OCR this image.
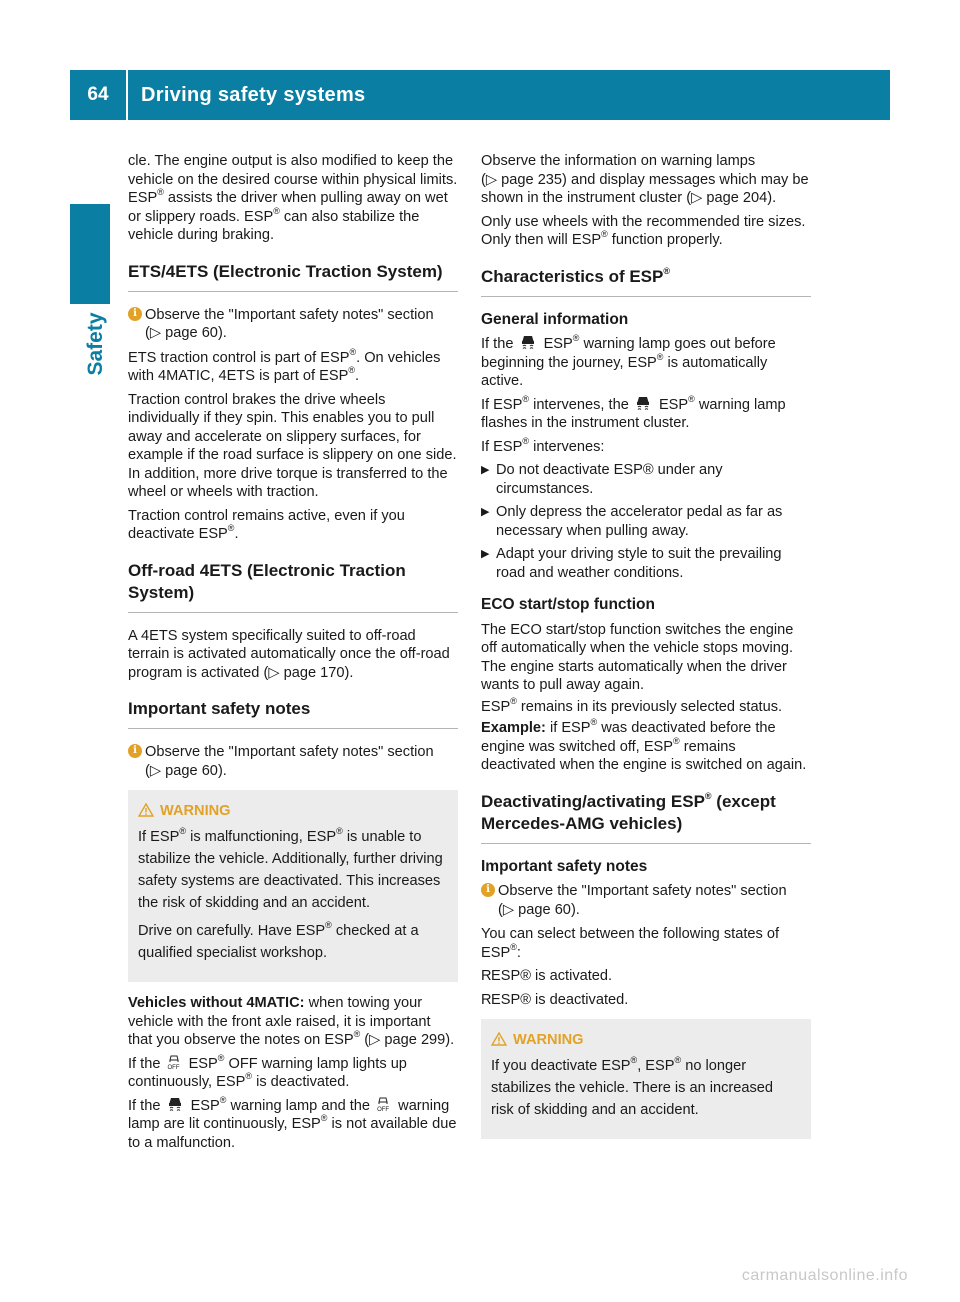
64	Driving safety systems
Safety

cle. The engine output is also modified to keep the vehicle on the desired course within physical limits. ESP® assists the driver when pulling away on wet or slippery roads. ESP® can also stabilize the vehicle during braking.

ETS/4ETS (Electronic Traction System)
i Observe the "Important safety notes" section (▷ page 60).

ETS traction control is part of ESP®. On vehicles with 4MATIC, 4ETS is part of ESP®.

Traction control brakes the drive wheels individually if they spin. This enables you to pull away and accelerate on slippery surfaces, for example if the road surface is slippery on one side. In addition, more drive torque is transferred to the wheel or wheels with traction.

Traction control remains active, even if you deactivate ESP®.

Off-road 4ETS (Electronic Traction System)

A 4ETS system specifically suited to off-road terrain is activated automatically once the off-road program is activated (▷ page 170).

Important safety notes
i Observe the "Important safety notes" section (▷ page 60).
WARNING

If ESP® is malfunctioning, ESP® is unable to stabilize the vehicle. Additionally, further driving safety systems are deactivated. This increases the risk of skidding and an accident.

Drive on carefully. Have ESP® checked at a qualified specialist workshop.

Vehicles without 4MATIC: when towing your vehicle with the front axle raised, it is important that you observe the notes on ESP® (▷ page 299).

If the OFF ESP® OFF warning lamp lights up continuously, ESP® is deactivated.

If the ESP® warning lamp and the OFF warning lamp are lit continuously, ESP® is not available due to a malfunction.

Observe the information on warning lamps (▷ page 235) and display messages which may be shown in the instrument cluster (▷ page 204).

Only use wheels with the recommended tire sizes. Only then will ESP® function properly.

Characteristics of ESP®
General information

If the ESP® warning lamp goes out before beginning the journey, ESP® is automatically active.

If ESP® intervenes, the ESP® warning lamp flashes in the instrument cluster.

If ESP® intervenes:

▶ Do not deactivate ESP® under any circumstances.
▶ Only depress the accelerator pedal as far as necessary when pulling away.
▶ Adapt your driving style to suit the prevailing road and weather conditions.
ECO start/stop function

The ECO start/stop function switches the engine off automatically when the vehicle stops moving. The engine starts automatically when the driver wants to pull away again.

ESP® remains in its previously selected status.

Example: if ESP® was deactivated before the engine was switched off, ESP® remains deactivated when the engine is switched on again.

Deactivating/activating ESP® (except Mercedes-AMG vehicles)
Important safety notes
i Observe the "Important safety notes" section (▷ page 60).

You can select between the following states of ESP®:

R ESP® is activated.
R ESP® is deactivated.
WARNING

If you deactivate ESP®, ESP® no longer stabilizes the vehicle. There is an increased risk of skidding and an accident.

carmanualsonline.info
